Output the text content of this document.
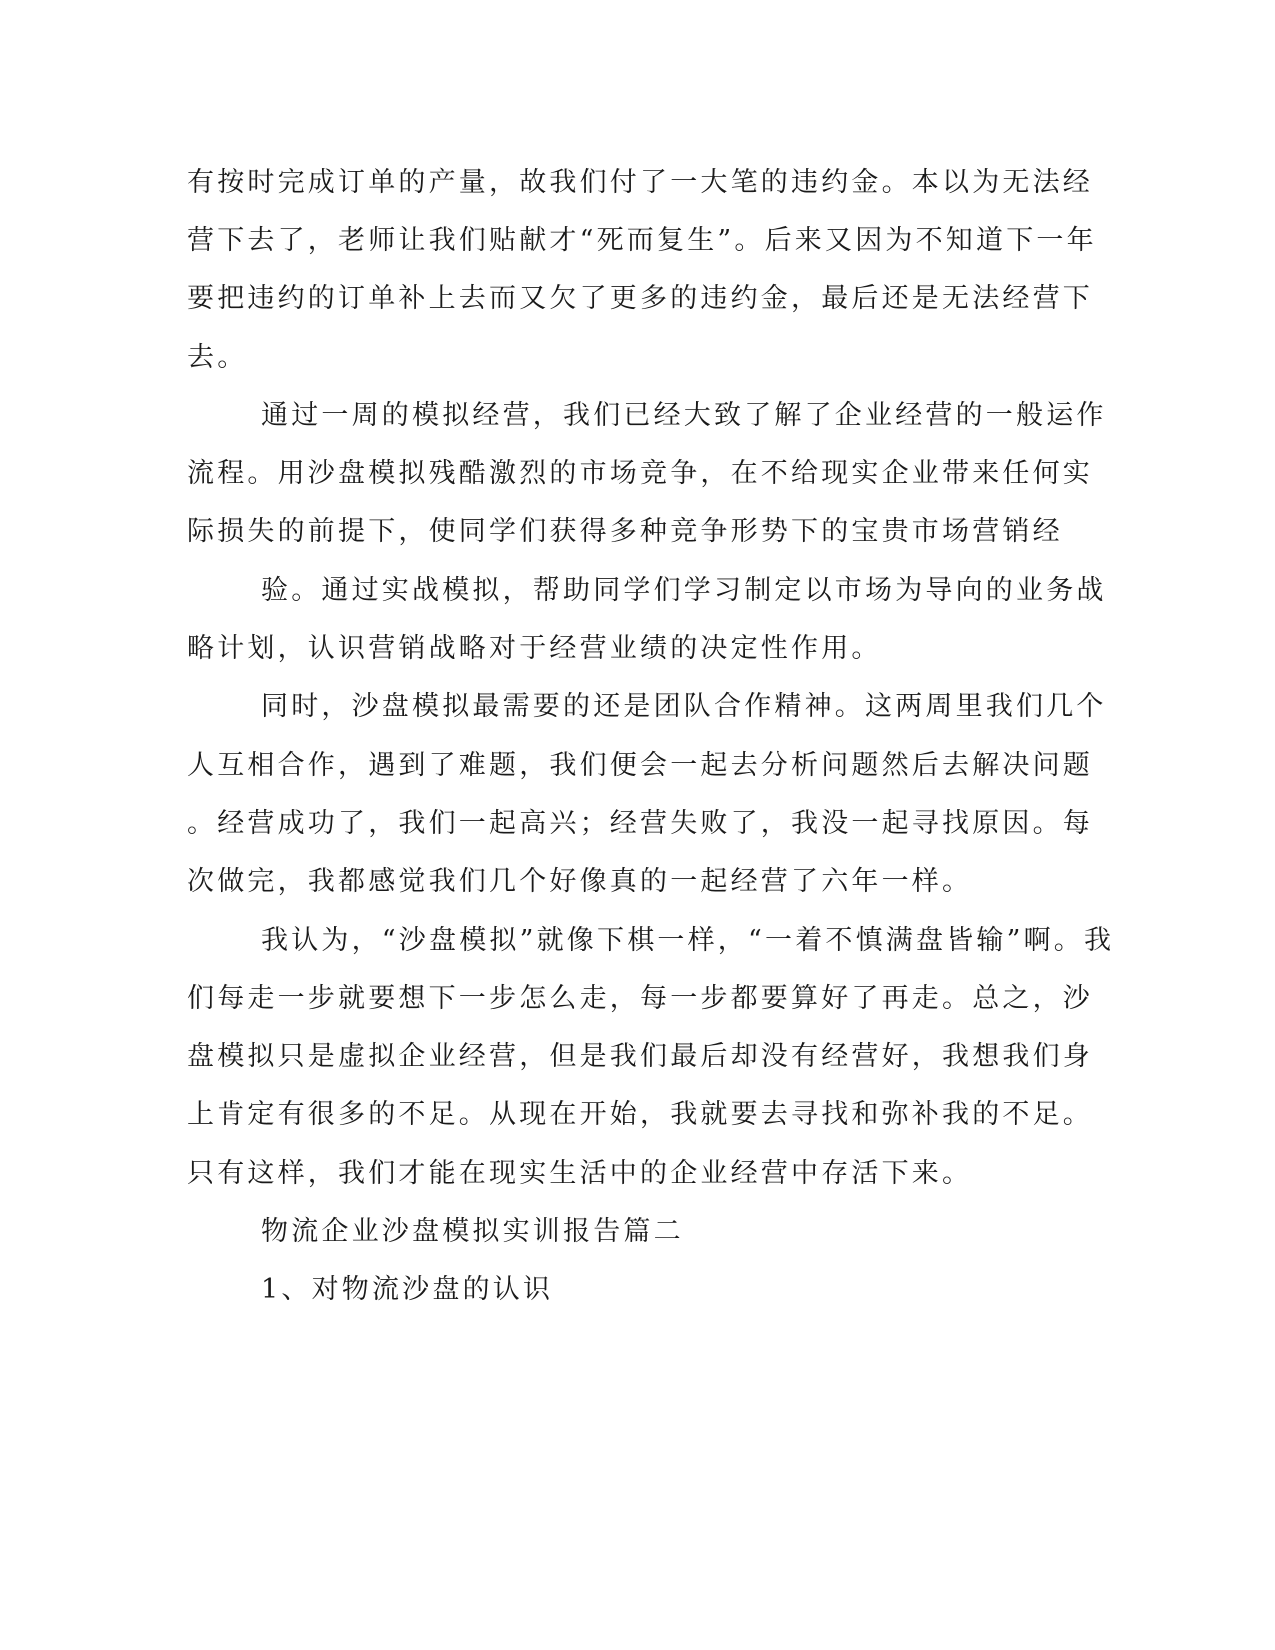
有按时完成订单的产量，故我们付了一大笔的违约金。本以为无法经
营下去了，老师让我们贴献才“死而复生”。后来又因为不知道下一年
要把违约的订单补上去而又欠了更多的违约金，最后还是无法经营下
去。
通过一周的模拟经营，我们已经大致了解了企业经营的一般运作
流程。用沙盘模拟残酷激烈的市场竞争，在不给现实企业带来任何实
际损失的前提下，使同学们获得多种竞争形势下的宝贵市场营销经
验。通过实战模拟，帮助同学们学习制定以市场为导向的业务战
略计划，认识营销战略对于经营业绩的决定性作用。
同时，沙盘模拟最需要的还是团队合作精神。这两周里我们几个
人互相合作，遇到了难题，我们便会一起去分析问题然后去解决问题
。经营成功了，我们一起高兴；经营失败了，我没一起寻找原因。每
次做完，我都感觉我们几个好像真的一起经营了六年一样。
我认为，“沙盘模拟”就像下棋一样，“一着不慎满盘皆输”啊。我
们每走一步就要想下一步怎么走，每一步都要算好了再走。总之，沙
盘模拟只是虚拟企业经营，但是我们最后却没有经营好，我想我们身
上肯定有很多的不足。从现在开始，我就要去寻找和弥补我的不足。
只有这样，我们才能在现实生活中的企业经营中存活下来。
物流企业沙盘模拟实训报告篇二
1、对物流沙盘的认识
